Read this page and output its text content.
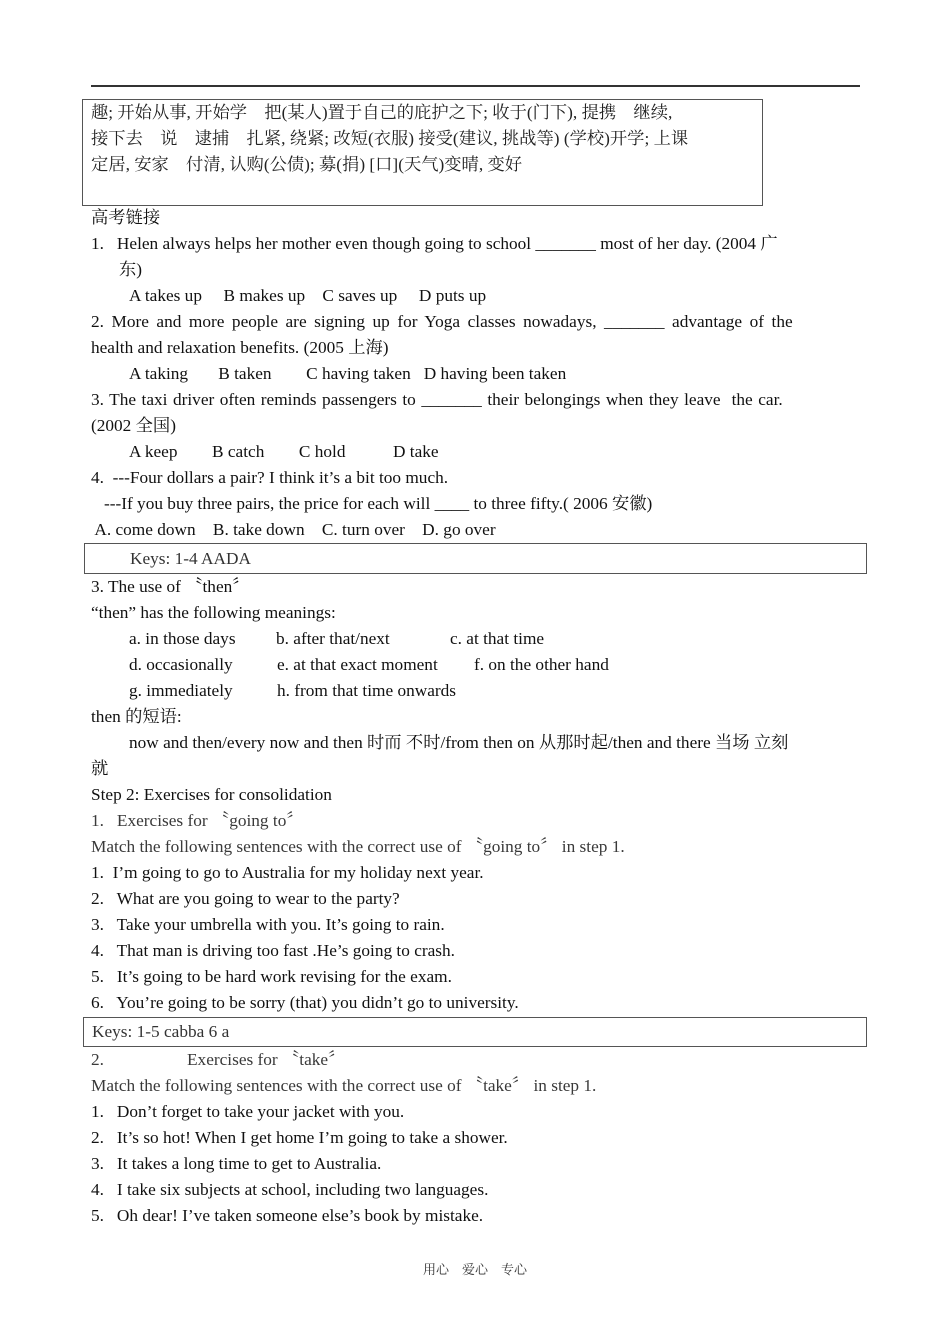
趣; 开始从事, 开始学　把(某人)置于自己的庇护之下; 收于(门下), 提携　继续,
接下去　说　逮捕　扎紧, 绕紧; 改短(衣服) 接受(建议, 挑战等) (学校)开学; 上课
定居, 安家　付清, 认购(公债); 募(捐) [口](天气)变晴, 变好
高考链接
1.   Helen always helps her mother even though going to school _______ most of her day. (2004 广
东)
A takes up     B makes up    C saves up     D puts up
2. More and more people are signing up for Yoga classes nowadays, _______ advantage of the
health and relaxation benefits. (2005 上海)
A taking       B taken        C having taken   D having been taken
3. The taxi driver often reminds passengers to _______ their belongings when they leave  the car.
(2002 全国)
A keep        B catch        C hold           D take
4.  ---Four dollars a pair? I think it’s a bit too much.
---If you buy three pairs, the price for each will ____ to three fifty.( 2006 安徽)
A. come down    B. take down    C. turn over    D. go over
Keys: 1-4 AADA
3. The use of 〝then〞
“then” has the following meanings:
a. in those days b. after that/next	c. at that time
d. occasionally	e. at that exact moment f. on the other hand
g. immediately	h. from that time onwards
then 的短语:
now and then/every now and then 时而 不时/from then on 从那时起/then and there 当场 立刻
就
Step 2: Exercises for consolidation
1.   Exercises for 〝going to〞
Match the following sentences with the correct use of 〝going to〞 in step 1.
1.  I’m going to go to Australia for my holiday next year.
2.   What are you going to wear to the party?
3.   Take your umbrella with you. It’s going to rain.
4.   That man is driving too fast .He’s going to crash.
5.   It’s going to be hard work revising for the exam.
6.   You’re going to be sorry (that) you didn’t go to university.
Keys: 1-5 cabba 6 a
2.	Exercises for 〝take〞
Match the following sentences with the correct use of 〝take〞 in step 1.
1.   Don’t forget to take your jacket with you.
2.   It’s so hot! When I get home I’m going to take a shower.
3.   It takes a long time to get to Australia.
4.   I take six subjects at school, including two languages.
5.   Oh dear! I’ve taken someone else’s book by mistake.
用心　爱心　专心
